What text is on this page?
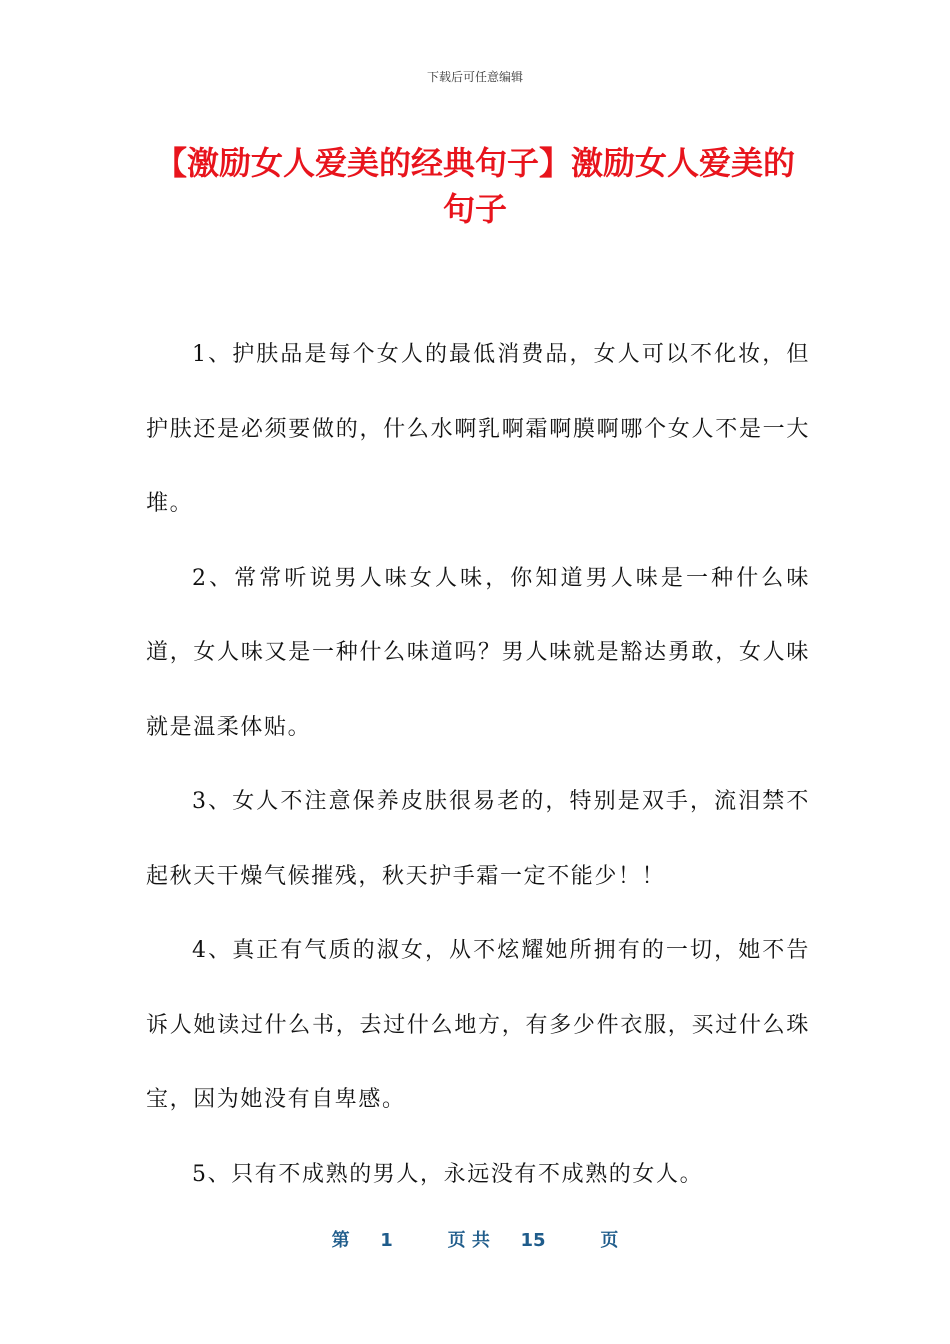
下载后可任意编辑
【激励女人爱美的经典句子】激励女人爱美的句子

1、护肤品是每个女人的最低消费品，女人可以不化妆，但护肤还是必须要做的，什么水啊乳啊霜啊膜啊哪个女人不是一大堆。

2、常常听说男人味女人味，你知道男人味是一种什么味道，女人味又是一种什么味道吗？男人味就是豁达勇敢，女人味就是温柔体贴。

3、女人不注意保养皮肤很易老的，特别是双手，流泪禁不起秋天干燥气候摧残，秋天护手霜一定不能少！！

4、真正有气质的淑女，从不炫耀她所拥有的一切，她不告诉人她读过什么书，去过什么地方，有多少件衣服，买过什么珠宝，因为她没有自卑感。

5、只有不成熟的男人，永远没有不成熟的女人。

第 1	页 共 15	页
